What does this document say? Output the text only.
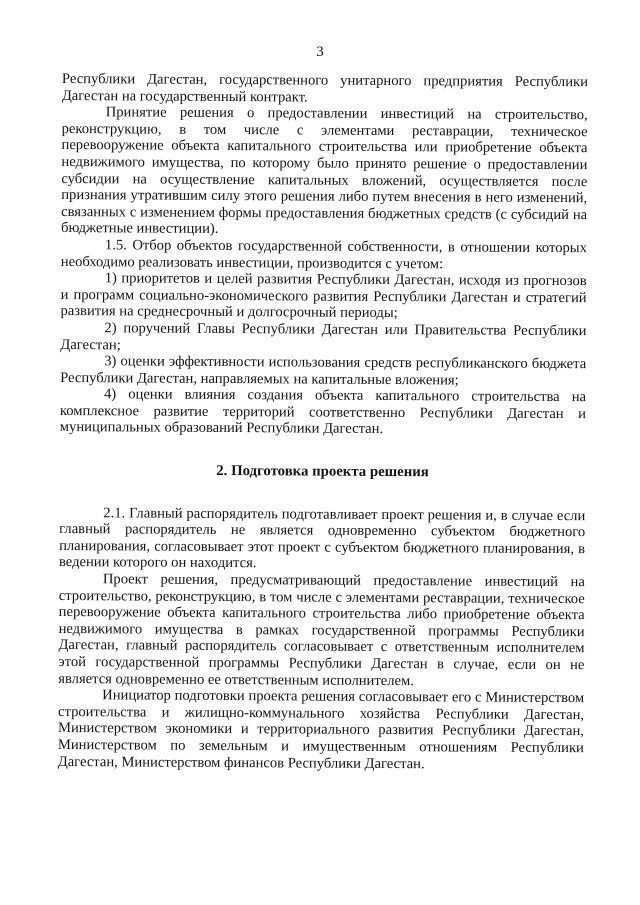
3

Республики Дагестан, государственного унитарного предприятия Республики Дагестан на государственный контракт.

Принятие решения о предоставлении инвестиций на строительство, реконструкцию, в том числе с элементами реставрации, техническое перевооружение объекта капитального строительства или приобретение объекта недвижимого имущества, по которому было принято решение о предоставлении субсидии на осуществление капитальных вложений, осуществляется после признания утратившим силу этого решения либо путем внесения в него изменений, связанных с изменением формы предоставления бюджетных средств (с субсидий на бюджетные инвестиции).

1.5. Отбор объектов государственной собственности, в отношении которых необходимо реализовать инвестиции, производится с учетом:

1) приоритетов и целей развития Республики Дагестан, исходя из прогнозов и программ социально-экономического развития Республики Дагестан и стратегий развития на среднесрочный и долгосрочный периоды;

2) поручений Главы Республики Дагестан или Правительства Республики Дагестан;

3) оценки эффективности использования средств республиканского бюджета Республики Дагестан, направляемых на капитальные вложения;

4) оценки влияния создания объекта капитального строительства на комплексное развитие территорий соответственно Республики Дагестан и муниципальных образований Республики Дагестан.

2. Подготовка проекта решения

2.1. Главный распорядитель подготавливает проект решения и, в случае если главный распорядитель не является одновременно субъектом бюджетного планирования, согласовывает этот проект с субъектом бюджетного планирования, в ведении которого он находится.

Проект решения, предусматривающий предоставление инвестиций на строительство, реконструкцию, в том числе с элементами реставрации, техническое перевооружение объекта капитального строительства либо приобретение объекта недвижимого имущества в рамках государственной программы Республики Дагестан, главный распорядитель согласовывает с ответственным исполнителем этой государственной программы Республики Дагестан в случае, если он не является одновременно ее ответственным исполнителем.

Инициатор подготовки проекта решения согласовывает его с Министерством строительства и жилищно-коммунального хозяйства Республики Дагестан, Министерством экономики и территориального развития Республики Дагестан, Министерством по земельным и имущественным отношениям Республики Дагестан, Министерством финансов Республики Дагестан.
